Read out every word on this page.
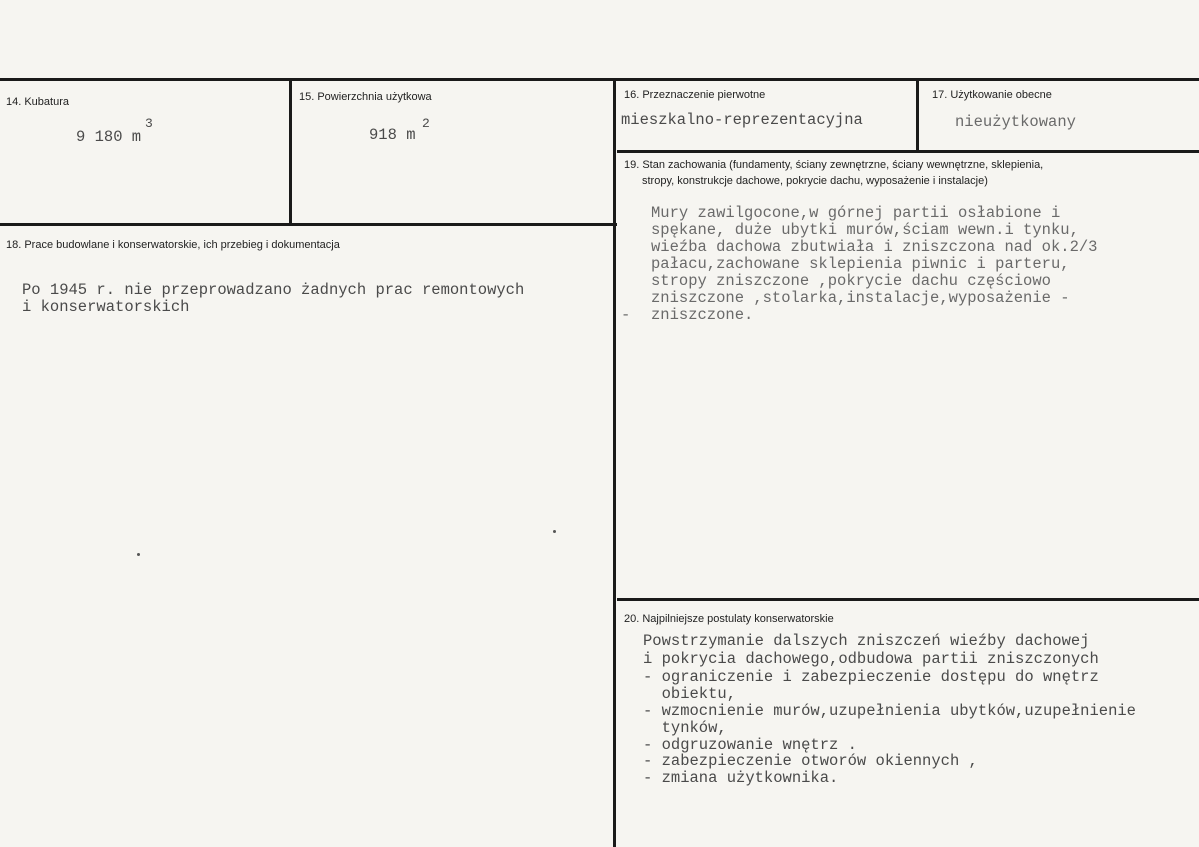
14. Kubatura
9 180 m
3
15. Powierzchnia użytkowa
918 m
2
16. Przeznaczenie pierwotne
mieszkalno-reprezentacyjna
17. Użytkowanie obecne
nieużytkowany
18. Prace budowlane i konserwatorskie, ich przebieg i dokumentacja
Po 1945 r. nie przeprowadzano żadnych prac remontowych
i konserwatorskich
19. Stan zachowania (fundamenty, ściany zewnętrzne, ściany wewnętrzne, sklepienia,
stropy, konstrukcje dachowe, pokrycie dachu, wyposażenie i instalacje)
Mury zawilgocone,w górnej partii osłabione i
spękane, duże ubytki murów,ściam wewn.i tynku,
wieźba dachowa zbutwiała i zniszczona nad ok.2/3
pałacu,zachowane sklepienia piwnic i parteru,
stropy zniszczone ,pokrycie dachu częściowo
zniszczone ,stolarka,instalacje,wyposażenie -
- zniszczone.
20. Najpilniejsze postulaty konserwatorskie
Powstrzymanie dalszych zniszczeń wieźby dachowej
i pokrycia dachowego,odbudowa partii zniszczonych
- ograniczenie i zabezpieczenie dostępu do wnętrz
obiektu,
- wzmocnienie murów,uzupełnienia ubytków,uzupełnienie
tynków,
- odgruzowanie wnętrz .
- zabezpieczenie otworów okiennych ,
- zmiana użytkownika.
